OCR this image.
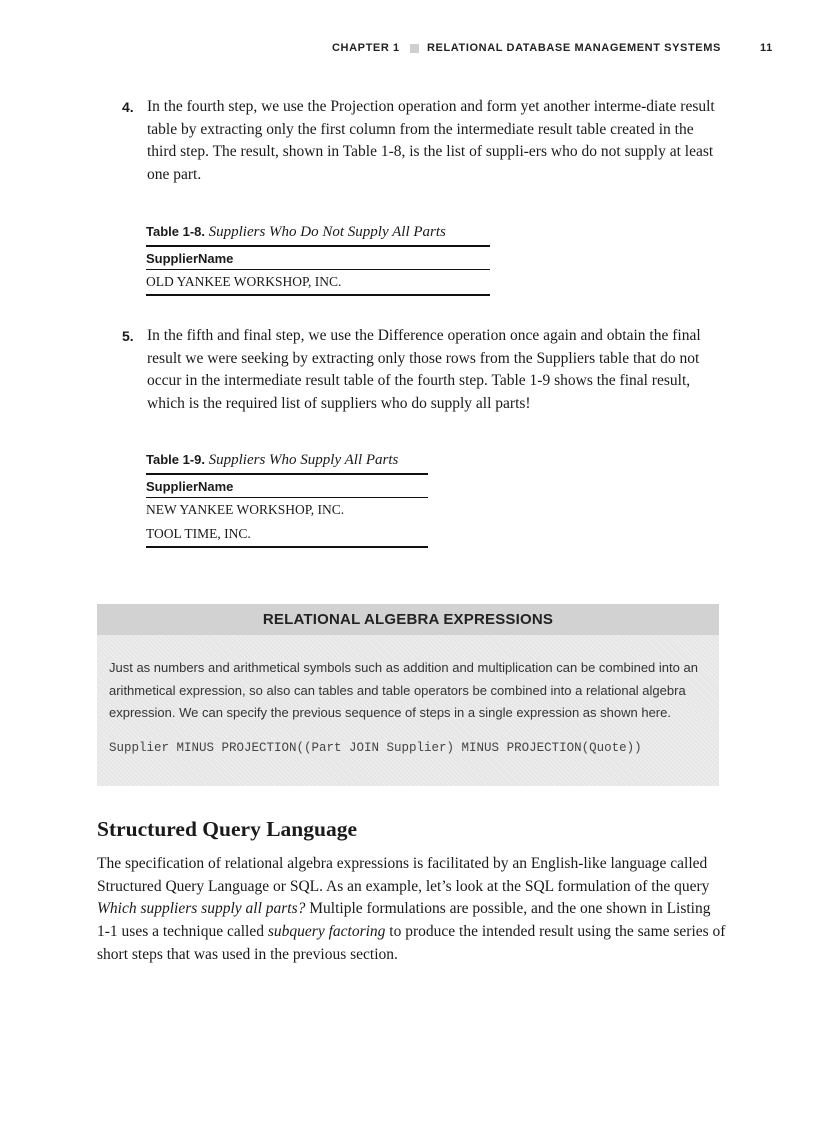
CHAPTER 1 RELATIONAL DATABASE MANAGEMENT SYSTEMS	11
4. In the fourth step, we use the Projection operation and form yet another interme-diate result table by extracting only the first column from the intermediate result table created in the third step. The result, shown in Table 1-8, is the list of suppli-ers who do not supply at least one part.
Table 1-8. Suppliers Who Do Not Supply All Parts
SupplierName
OLD YANKEE WORKSHOP, INC.
5. In the fifth and final step, we use the Difference operation once again and obtain the final result we were seeking by extracting only those rows from the Suppliers table that do not occur in the intermediate result table of the fourth step. Table 1-9 shows the final result, which is the required list of suppliers who do supply all parts!
Table 1-9. Suppliers Who Supply All Parts
SupplierName
NEW YANKEE WORKSHOP, INC.
TOOL TIME, INC.
RELATIONAL ALGEBRA EXPRESSIONS
Just as numbers and arithmetical symbols such as addition and multiplication can be combined into an arithmetical expression, so also can tables and table operators be combined into a relational algebra expression. We can specify the previous sequence of steps in a single expression as shown here.
Supplier MINUS PROJECTION((Part JOIN Supplier) MINUS PROJECTION(Quote))
Structured Query Language

The specification of relational algebra expressions is facilitated by an English-like language called Structured Query Language or SQL. As an example, let’s look at the SQL formulation of the query Which suppliers supply all parts? Multiple formulations are possible, and the one shown in Listing 1-1 uses a technique called subquery factoring to produce the intended result using the same series of short steps that was used in the previous section.
